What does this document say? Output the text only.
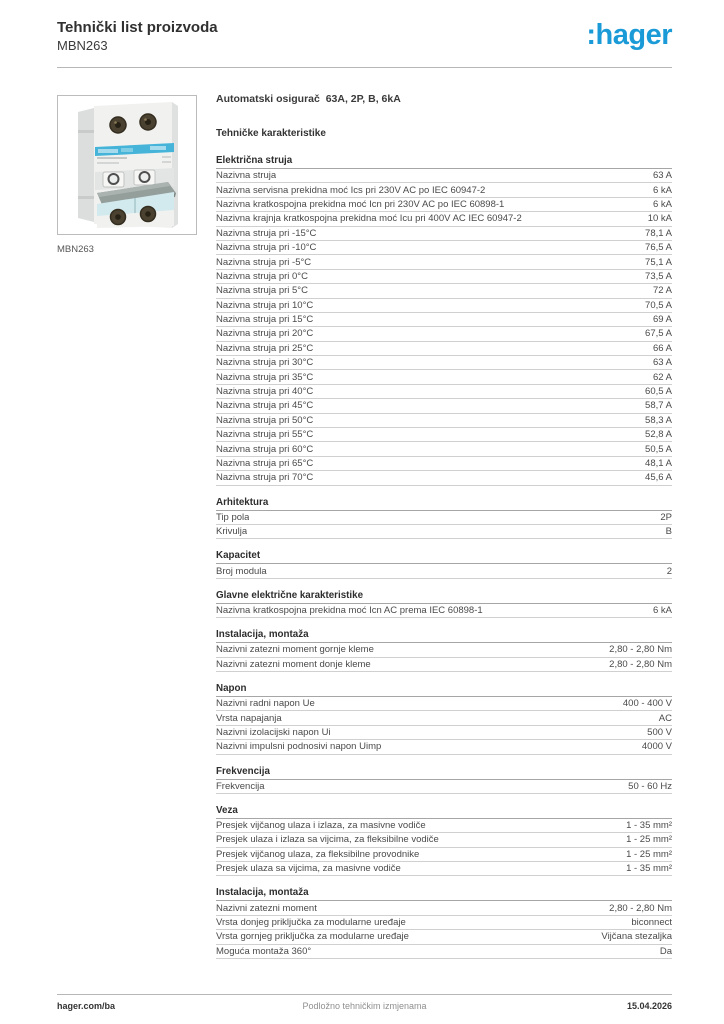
Tehnički list proizvoda
MBN263	:hager
MBN263
Automatski osigurač  63A, 2P, B, 6kA
Tehničke karakteristike
Električna struja
Nazivna struja	63 A
Nazivna servisna prekidna moć Ics pri 230V AC po IEC 60947-2	6 kA
Nazivna kratkospojna prekidna moć Icn pri 230V AC po IEC 60898-1	6 kA
Nazivna krajnja kratkospojna prekidna moć Icu pri 400V AC IEC 60947-2	10 kA
Nazivna struja pri -15°C	78,1 A
Nazivna struja pri -10°C	76,5 A
Nazivna struja pri -5°C	75,1 A
Nazivna struja pri 0°C	73,5 A
Nazivna struja pri 5°C	72 A
Nazivna struja pri 10°C	70,5 A
Nazivna struja pri 15°C	69 A
Nazivna struja pri 20°C	67,5 A
Nazivna struja pri 25°C	66 A
Nazivna struja pri 30°C	63 A
Nazivna struja pri 35°C	62 A
Nazivna struja pri 40°C	60,5 A
Nazivna struja pri 45°C	58,7 A
Nazivna struja pri 50°C	58,3 A
Nazivna struja pri 55°C	52,8 A
Nazivna struja pri 60°C	50,5 A
Nazivna struja pri 65°C	48,1 A
Nazivna struja pri 70°C	45,6 A
Arhitektura
Tip pola	2P
Krivulja	B
Kapacitet
Broj modula	2
Glavne električne karakteristike
Nazivna kratkospojna prekidna moć Icn AC prema IEC 60898-1	6 kA
Instalacija, montaža
Nazivni zatezni moment gornje kleme	2,80 - 2,80 Nm
Nazivni zatezni moment donje kleme	2,80 - 2,80 Nm
Napon
Nazivni radni napon Ue	400 - 400 V
Vrsta napajanja	AC
Nazivni izolacijski napon Ui	500 V
Nazivni impulsni podnosivi napon Uimp	4000 V
Frekvencija
Frekvencija	50 - 60 Hz
Veza
Presjek vijčanog ulaza i izlaza, za masivne vodiče	1 - 35 mm²
Presjek ulaza i izlaza sa vijcima, za fleksibilne vodiče	1 - 25 mm²
Presjek vijčanog ulaza, za fleksibilne provodnike	1 - 25 mm²
Presjek ulaza sa vijcima, za masivne vodiče	1 - 35 mm²
Instalacija, montaža
Nazivni zatezni moment	2,80 - 2,80 Nm
Vrsta donjeg priključka za modularne uređaje	biconnect
Vrsta gornjeg priključka za modularne uređaje	Vijčana stezaljka
Moguća montaža 360°	Da
hager.com/ba	Podložno tehničkim izmjenama	15.04.2026
